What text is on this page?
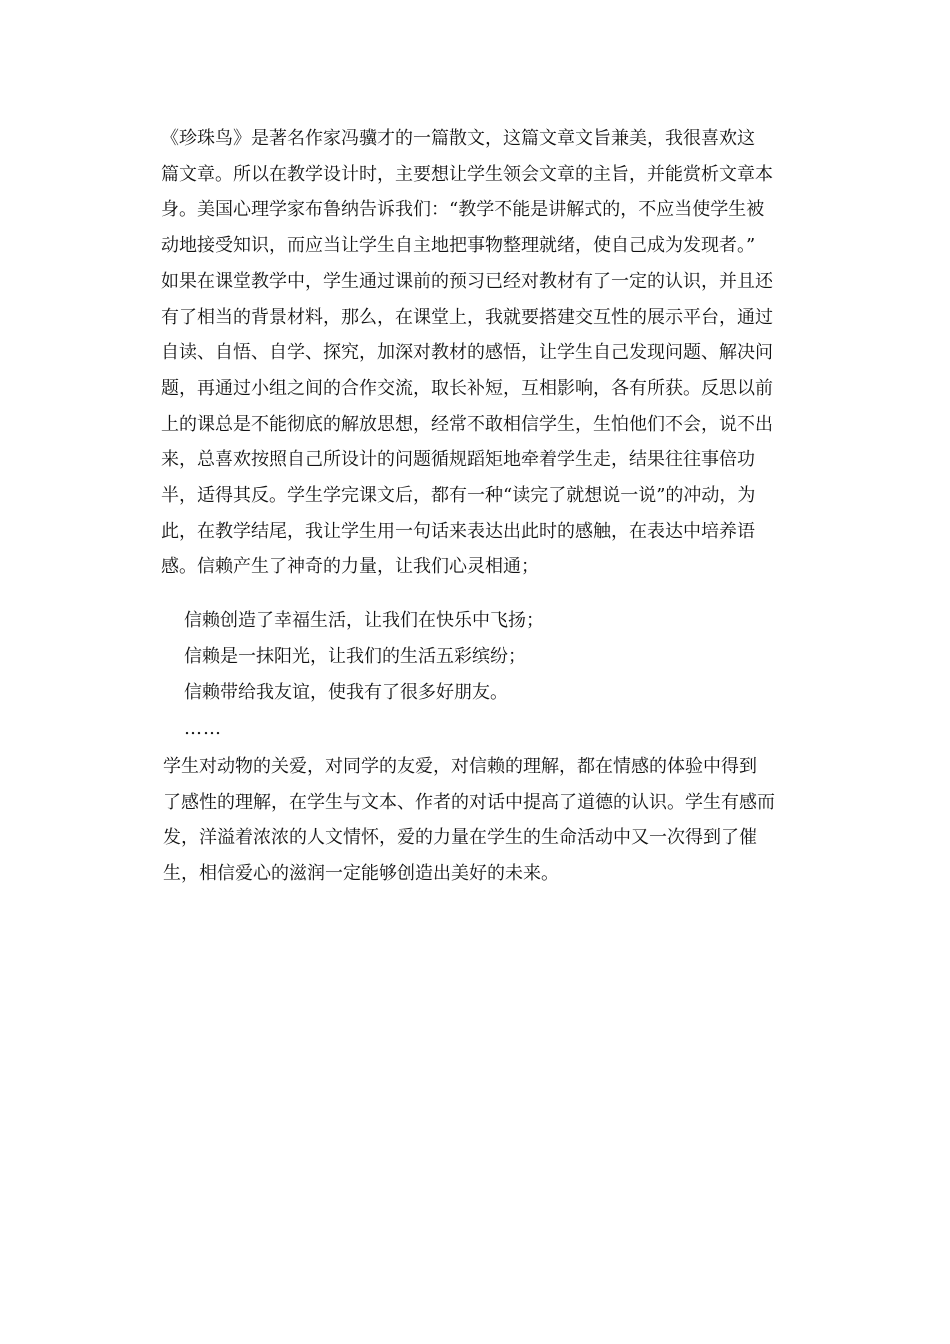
《珍珠鸟》是著名作家冯骥才的一篇散文，这篇文章文旨兼美，我很喜欢这
篇文章。所以在教学设计时，主要想让学生领会文章的主旨，并能赏析文章本
身。美国心理学家布鲁纳告诉我们：“教学不能是讲解式的，不应当使学生被
动地接受知识，而应当让学生自主地把事物整理就绪，使自己成为发现者。”
如果在课堂教学中，学生通过课前的预习已经对教材有了一定的认识，并且还
有了相当的背景材料，那么，在课堂上，我就要搭建交互性的展示平台，通过
自读、自悟、自学、探究，加深对教材的感悟，让学生自己发现问题、解决问
题，再通过小组之间的合作交流，取长补短，互相影响，各有所获。反思以前
上的课总是不能彻底的解放思想，经常不敢相信学生，生怕他们不会，说不出
来，总喜欢按照自己所设计的问题循规蹈矩地牵着学生走，结果往往事倍功
半，适得其反。学生学完课文后，都有一种“读完了就想说一说”的冲动，为
此，在教学结尾，我让学生用一句话来表达出此时的感触，在表达中培养语
感。信赖产生了神奇的力量，让我们心灵相通；
信赖创造了幸福生活，让我们在快乐中飞扬；
信赖是一抹阳光，让我们的生活五彩缤纷；
信赖带给我友谊，使我有了很多好朋友。
……
学生对动物的关爱，对同学的友爱，对信赖的理解，都在情感的体验中得到
了感性的理解，在学生与文本、作者的对话中提高了道德的认识。学生有感而
发，洋溢着浓浓的人文情怀，爱的力量在学生的生命活动中又一次得到了催
生，相信爱心的滋润一定能够创造出美好的未来。
